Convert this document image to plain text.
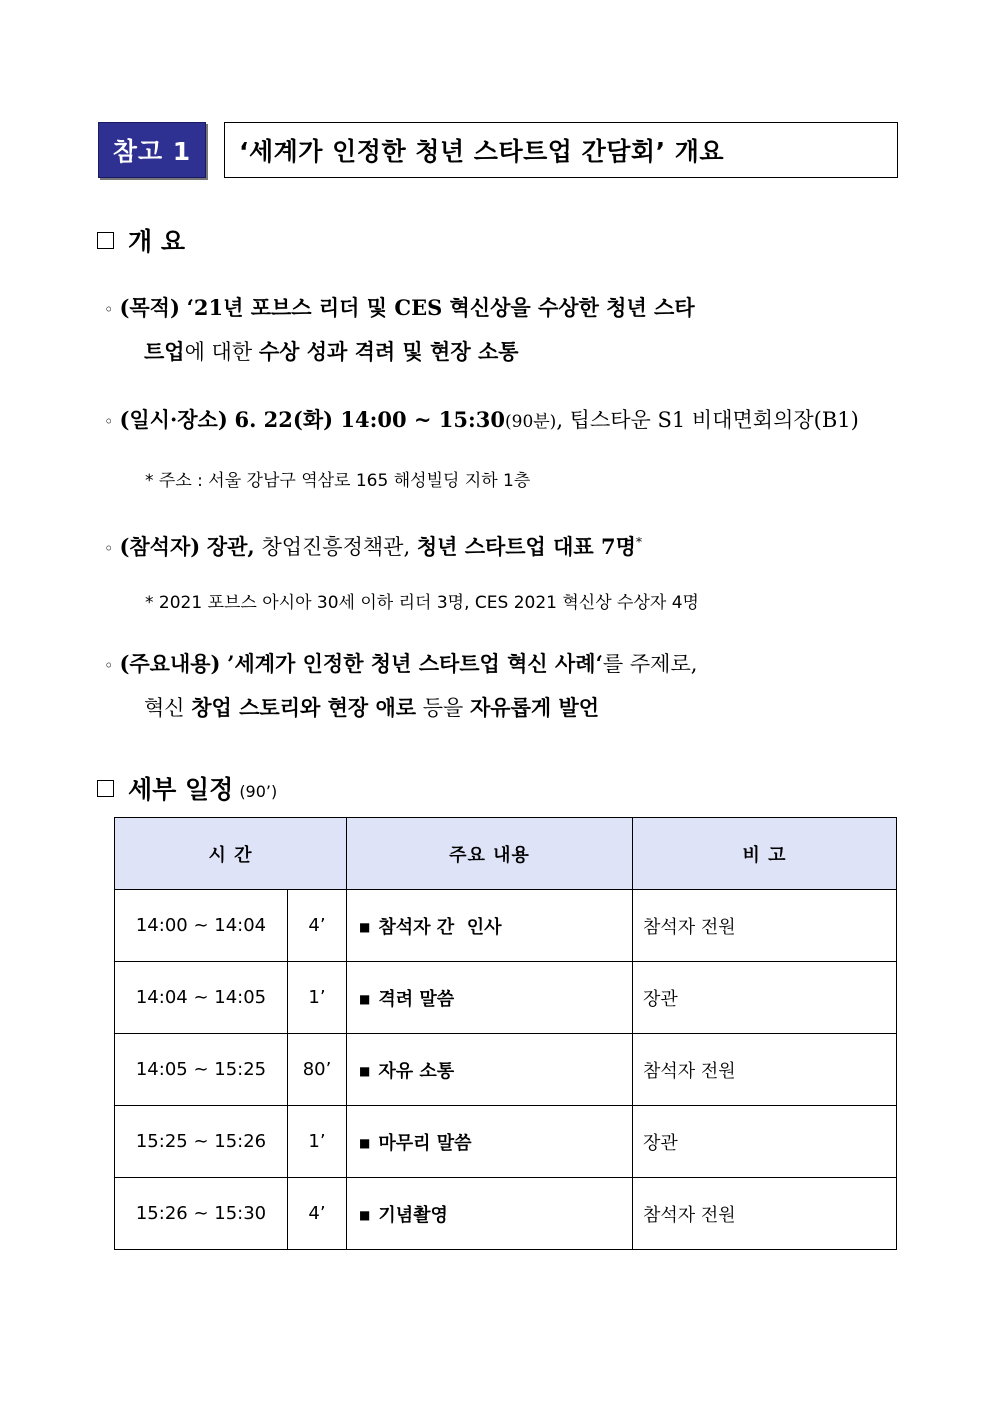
참고 1	‘세계가 인정한 청년 스타트업 간담회’ 개요
개 요
◦ (목적) ‘21년 포브스 리더 및 CES 혁신상을 수상한 청년 스타
트업에 대한 수상 성과 격려 및 현장 소통
◦ (일시·장소) 6. 22(화) 14:00 ~ 15:30(90분), 팁스타운 S1 비대면회의장(B1)
* 주소 : 서울 강남구 역삼로 165 해성빌딩 지하 1층
◦ (참석자) 장관, 창업진흥정책관, 청년 스타트업 대표 7명*
* 2021 포브스 아시아 30세 이하 리더 3명, CES 2021 혁신상 수상자 4명
◦ (주요내용) ’세계가 인정한 청년 스타트업 혁신 사례‘를 주제로,
혁신 창업 스토리와 현장 애로 등을 자유롭게 발언
세부 일정 (90’)
시 간		주요 내용	비 고
14:00 ~ 14:04	4’	■ 참석자 간  인사	참석자 전원
14:04 ~ 14:05	1’	■ 격려 말씀	장관
14:05 ~ 15:25	80’	■ 자유 소통	참석자 전원
15:25 ~ 15:26	1’	■ 마무리 말씀	장관
15:26 ~ 15:30	4’	■ 기념촬영	참석자 전원
